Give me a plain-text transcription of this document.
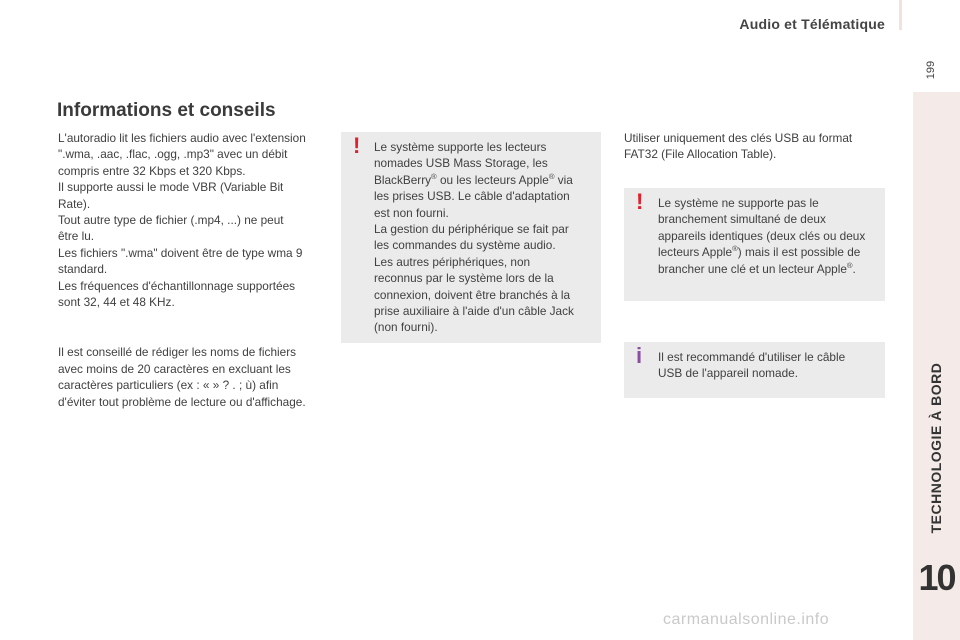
Audio et Télématique
199
TECHNOLOGIE À BORD
10
Informations et conseils

L'autoradio lit les fichiers audio avec l'extension
".wma, .aac, .flac, .ogg, .mp3" avec un débit
compris entre 32 Kbps et 320 Kbps.
Il supporte aussi le mode VBR (Variable Bit
Rate).
Tout autre type de fichier (.mp4, ...) ne peut
être lu.
Les fichiers ".wma" doivent être de type wma 9
standard.
Les fréquences d'échantillonnage supportées
sont 32, 44 et 48 KHz.

Il est conseillé de rédiger les noms de fichiers
avec moins de 20 caractères en excluant les
caractères particuliers (ex : « » ? . ; ù) afin
d'éviter tout problème de lecture ou d'affichage.

! Le système supporte les lecteurs
nomades USB Mass Storage, les
BlackBerry® ou les lecteurs Apple® via
les prises USB. Le câble d'adaptation
est non fourni.
La gestion du périphérique se fait par
les commandes du système audio.
Les autres périphériques, non
reconnus par le système lors de la
connexion, doivent être branchés à la
prise auxiliaire à l'aide d'un câble Jack
(non fourni).

Utiliser uniquement des clés USB au format
FAT32 (File Allocation Table).

! Le système ne supporte pas le
branchement simultané de deux
appareils identiques (deux clés ou deux
lecteurs Apple®) mais il est possible de
brancher une clé et un lecteur Apple®.
i Il est recommandé d'utiliser le câble
USB de l'appareil nomade.
carmanualsonline.info
